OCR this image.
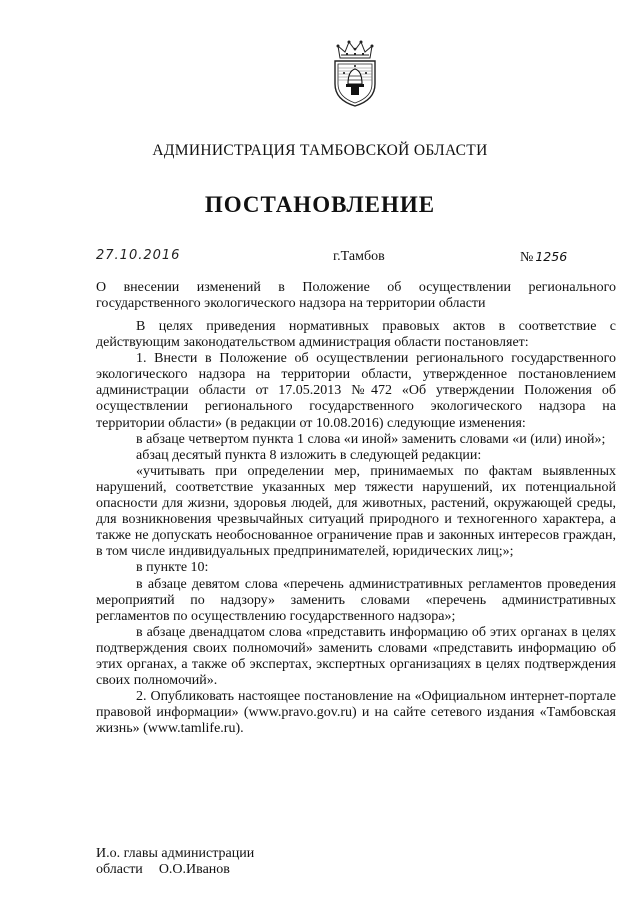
АДМИНИСТРАЦИЯ ТАМБОВСКОЙ ОБЛАСТИ
ПОСТАНОВЛЕНИЕ
27.10.2016	г.Тамбов	№ 1256
О внесении изменений в Положение об осуществлении регионального государственного экологического надзора на территории области

В целях приведения нормативных правовых актов в соответствие с действующим законодательством администрация области постановляет:

1. Внести в Положение об осуществлении регионального государственного экологического надзора на территории области, утвержденное постановлением администрации области от 17.05.2013 №472 «Об утверждении Положения об осуществлении регионального государственного экологического надзора на территории области» (в редакции от 10.08.2016) следующие изменения:

в абзаце четвертом пункта 1 слова «и иной» заменить словами «и (или) иной»;

абзац десятый пункта 8 изложить в следующей редакции:

«учитывать при определении мер, принимаемых по фактам выявленных нарушений, соответствие указанных мер тяжести нарушений, их потенциальной опасности для жизни, здоровья людей, для животных, растений, окружающей среды, для возникновения чрезвычайных ситуаций природного и техногенного характера, а также не допускать необоснованное ограничение прав и законных интересов граждан, в том числе индивидуальных предпринимателей, юридических лиц;»;

в пункте 10:

в абзаце девятом слова «перечень административных регламентов проведения мероприятий по надзору» заменить словами «перечень административных регламентов по осуществлению государственного надзора»;

в абзаце двенадцатом слова «представить информацию об этих органах в целях подтверждения своих полномочий» заменить словами «представить информацию об этих органах, а также об экспертах, экспертных организациях в целях подтверждения своих полномочий».

2. Опубликовать настоящее постановление на «Официальном интернет-портале правовой информации» (www.pravo.gov.ru) и на сайте сетевого издания «Тамбовская жизнь» (www.tamlife.ru).

И.о. главы администрации
области О.О.Иванов
